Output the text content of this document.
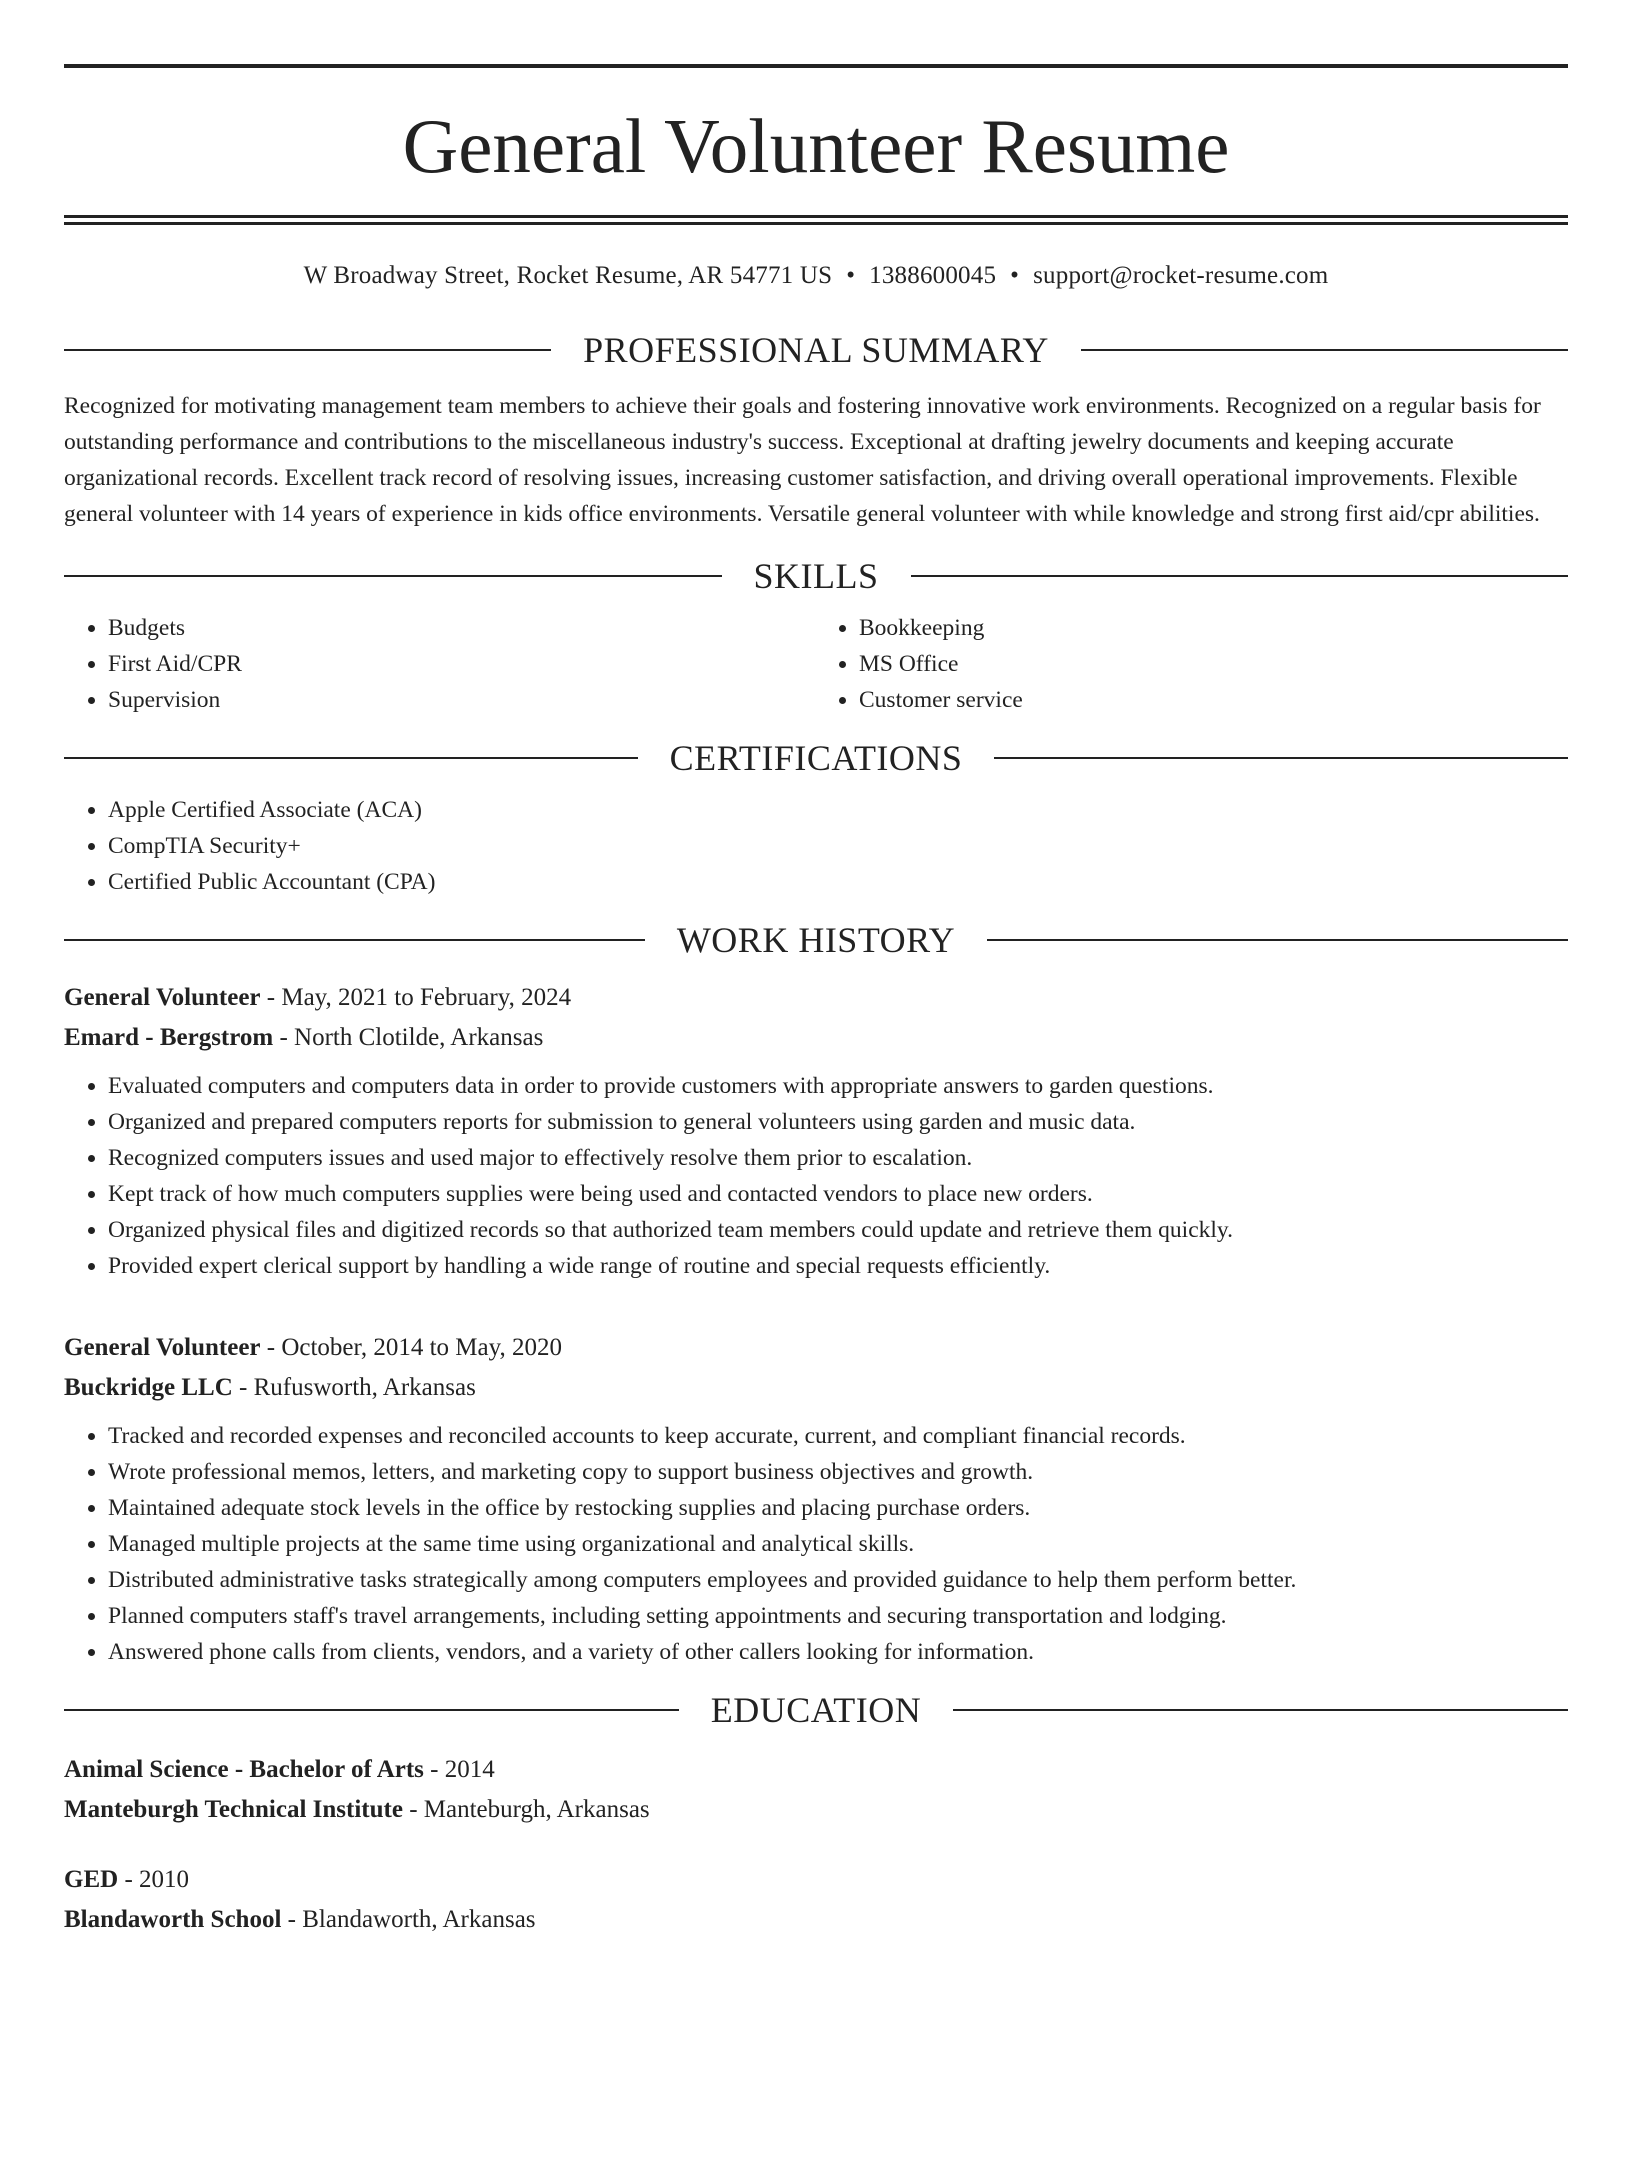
General Volunteer Resume
W Broadway Street, Rocket Resume, AR 54771 US • 1388600045 • support@rocket-resume.com
PROFESSIONAL SUMMARY

Recognized for motivating management team members to achieve their goals and fostering innovative work environments. Recognized on a regular basis for outstanding performance and contributions to the miscellaneous industry's success. Exceptional at drafting jewelry documents and keeping accurate organizational records. Excellent track record of resolving issues, increasing customer satisfaction, and driving overall operational improvements. Flexible general volunteer with 14 years of experience in kids office environments. Versatile general volunteer with while knowledge and strong first aid/cpr abilities.

SKILLS
• Budgets
• First Aid/CPR
• Supervision
• Bookkeeping
• MS Office
• Customer service
CERTIFICATIONS
• Apple Certified Associate (ACA)
• CompTIA Security+
• Certified Public Accountant (CPA)
WORK HISTORY
General Volunteer - May, 2021 to February, 2024
Emard - Bergstrom - North Clotilde, Arkansas
• Evaluated computers and computers data in order to provide customers with appropriate answers to garden questions.
• Organized and prepared computers reports for submission to general volunteers using garden and music data.
• Recognized computers issues and used major to effectively resolve them prior to escalation.
• Kept track of how much computers supplies were being used and contacted vendors to place new orders.
• Organized physical files and digitized records so that authorized team members could update and retrieve them quickly.
• Provided expert clerical support by handling a wide range of routine and special requests efficiently.
General Volunteer - October, 2014 to May, 2020
Buckridge LLC - Rufusworth, Arkansas
• Tracked and recorded expenses and reconciled accounts to keep accurate, current, and compliant financial records.
• Wrote professional memos, letters, and marketing copy to support business objectives and growth.
• Maintained adequate stock levels in the office by restocking supplies and placing purchase orders.
• Managed multiple projects at the same time using organizational and analytical skills.
• Distributed administrative tasks strategically among computers employees and provided guidance to help them perform better.
• Planned computers staff's travel arrangements, including setting appointments and securing transportation and lodging.
• Answered phone calls from clients, vendors, and a variety of other callers looking for information.
EDUCATION
Animal Science - Bachelor of Arts - 2014
Manteburgh Technical Institute - Manteburgh, Arkansas
GED - 2010
Blandaworth School - Blandaworth, Arkansas
